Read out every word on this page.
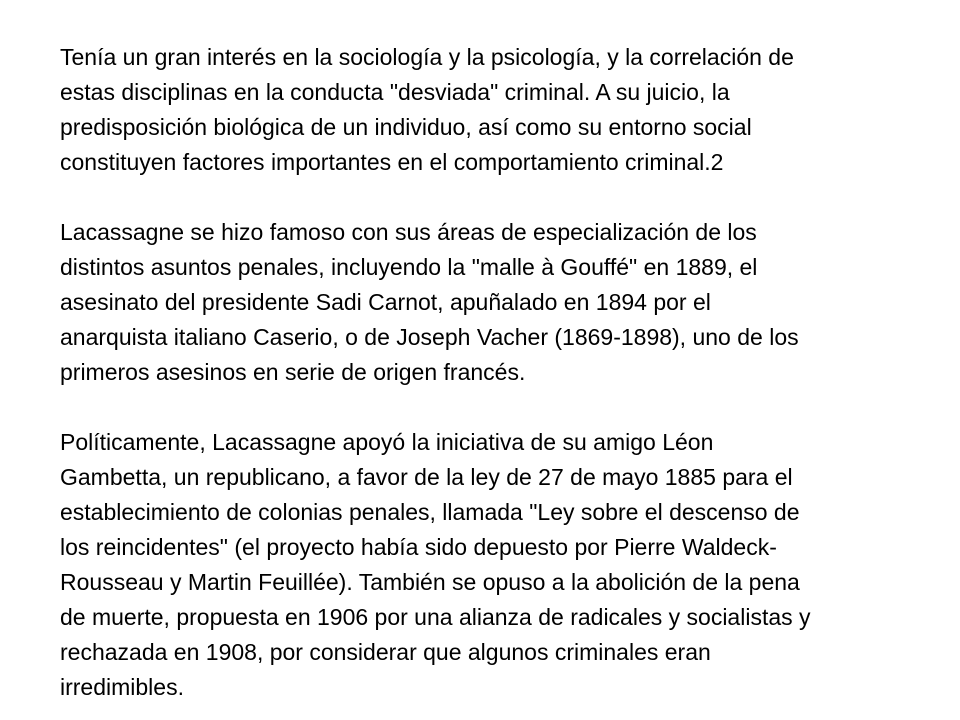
Tenía un gran interés en la sociología y la psicología, y la correlación de
estas disciplinas en la conducta "desviada" criminal. A su juicio, la
predisposición biológica de un individuo, así como su entorno social
constituyen factores importantes en el comportamiento criminal.2
Lacassagne se hizo famoso con sus áreas de especialización de los
distintos asuntos penales, incluyendo la "malle à Gouffé" en 1889, el
asesinato del presidente Sadi Carnot, apuñalado en 1894 por el
anarquista italiano Caserio, o de Joseph Vacher (1869-1898), uno de los
primeros asesinos en serie de origen francés.
Políticamente, Lacassagne apoyó la iniciativa de su amigo Léon
Gambetta, un republicano, a favor de la ley de 27 de mayo 1885 para el
establecimiento de colonias penales, llamada "Ley sobre el descenso de
los reincidentes" (el proyecto había sido depuesto por Pierre Waldeck-
Rousseau y Martin Feuillée). También se opuso a la abolición de la pena
de muerte, propuesta en 1906 por una alianza de radicales y socialistas y
rechazada en 1908, por considerar que algunos criminales eran
irredimibles.
